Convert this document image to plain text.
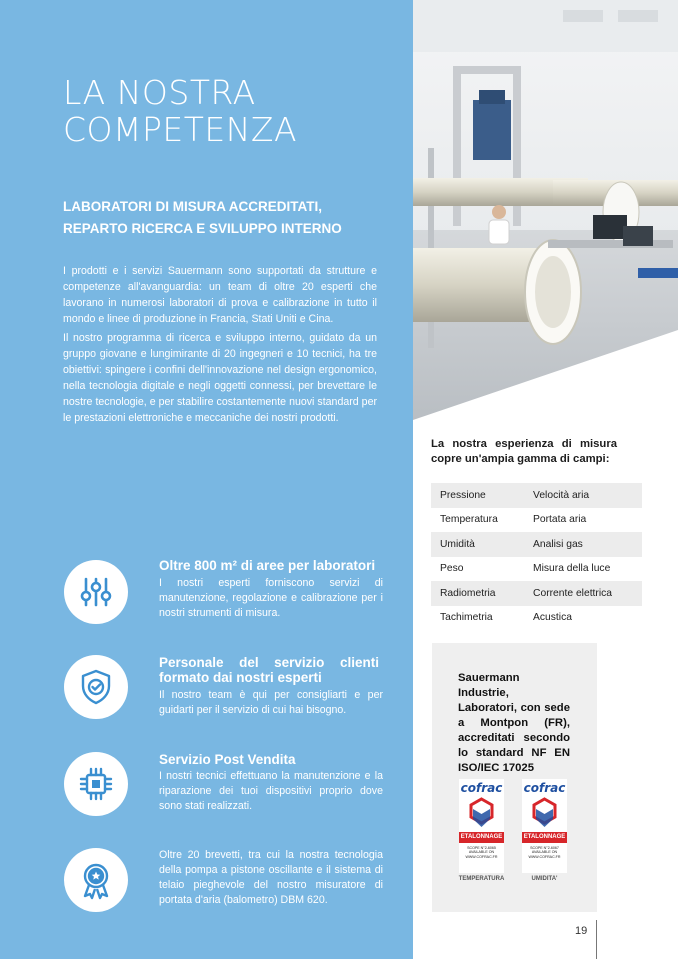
LA NOSTRA
COMPETENZA
LABORATORI DI MISURA ACCREDITATI,
REPARTO RICERCA E SVILUPPO INTERNO

I prodotti e i servizi Sauermann sono supportati da strutture e competenze all'avanguardia: un team di oltre 20 esperti che lavorano in numerosi laboratori di prova e calibrazione in tutto il mondo e linee di produzione in Francia, Stati Uniti e Cina.

Il nostro programma di ricerca e sviluppo interno, guidato da un gruppo giovane e lungimirante di 20 ingegneri e 10 tecnici, ha tre obiettivi: spingere i confini dell'innovazione nel design ergonomico, nella tecnologia digitale e negli oggetti connessi, per brevettare le nostre tecnologie, e per stabilire costantemente nuovi standard per le prestazioni elettroniche e meccaniche dei nostri prodotti.

Oltre 800 m² di aree per laboratori
I nostri esperti forniscono servizi di manutenzione, regolazione e calibrazione per i nostri strumenti di misura.
Personale del servizio clienti formato dai nostri esperti
Il nostro team è qui per consigliarti e per guidarti per il servizio di cui hai bisogno.
Servizio Post Vendita
I nostri tecnici effettuano la manutenzione e la riparazione dei tuoi dispositivi proprio dove sono stati realizzati.
Oltre 20 brevetti, tra cui la nostra tecnologia della pompa a pistone oscillante e il sistema di telaio pieghevole del nostro misuratore di portata d'aria (balometro) DBM 620.
La nostra esperienza di misura copre un'ampia gamma di campi:
Pressione	Velocità aria
Temperatura	Portata aria
Umidità	Analisi gas
Peso	Misura della luce
Radiometria	Corrente elettrica
Tachimetria	Acustica
Sauermann Industrie, Laboratori, con sede a Montpon (FR), accreditati secondo lo standard NF EN ISO/IEC 17025
cofrac
ETALONNAGE
SCOPE N°2-6065 AVAILABLE ON WWW.COFRAC.FR
TEMPERATURA
cofrac
ETALONNAGE
SCOPE N°2-6067 AVAILABLE ON WWW.COFRAC.FR
UMIDITA'
19
